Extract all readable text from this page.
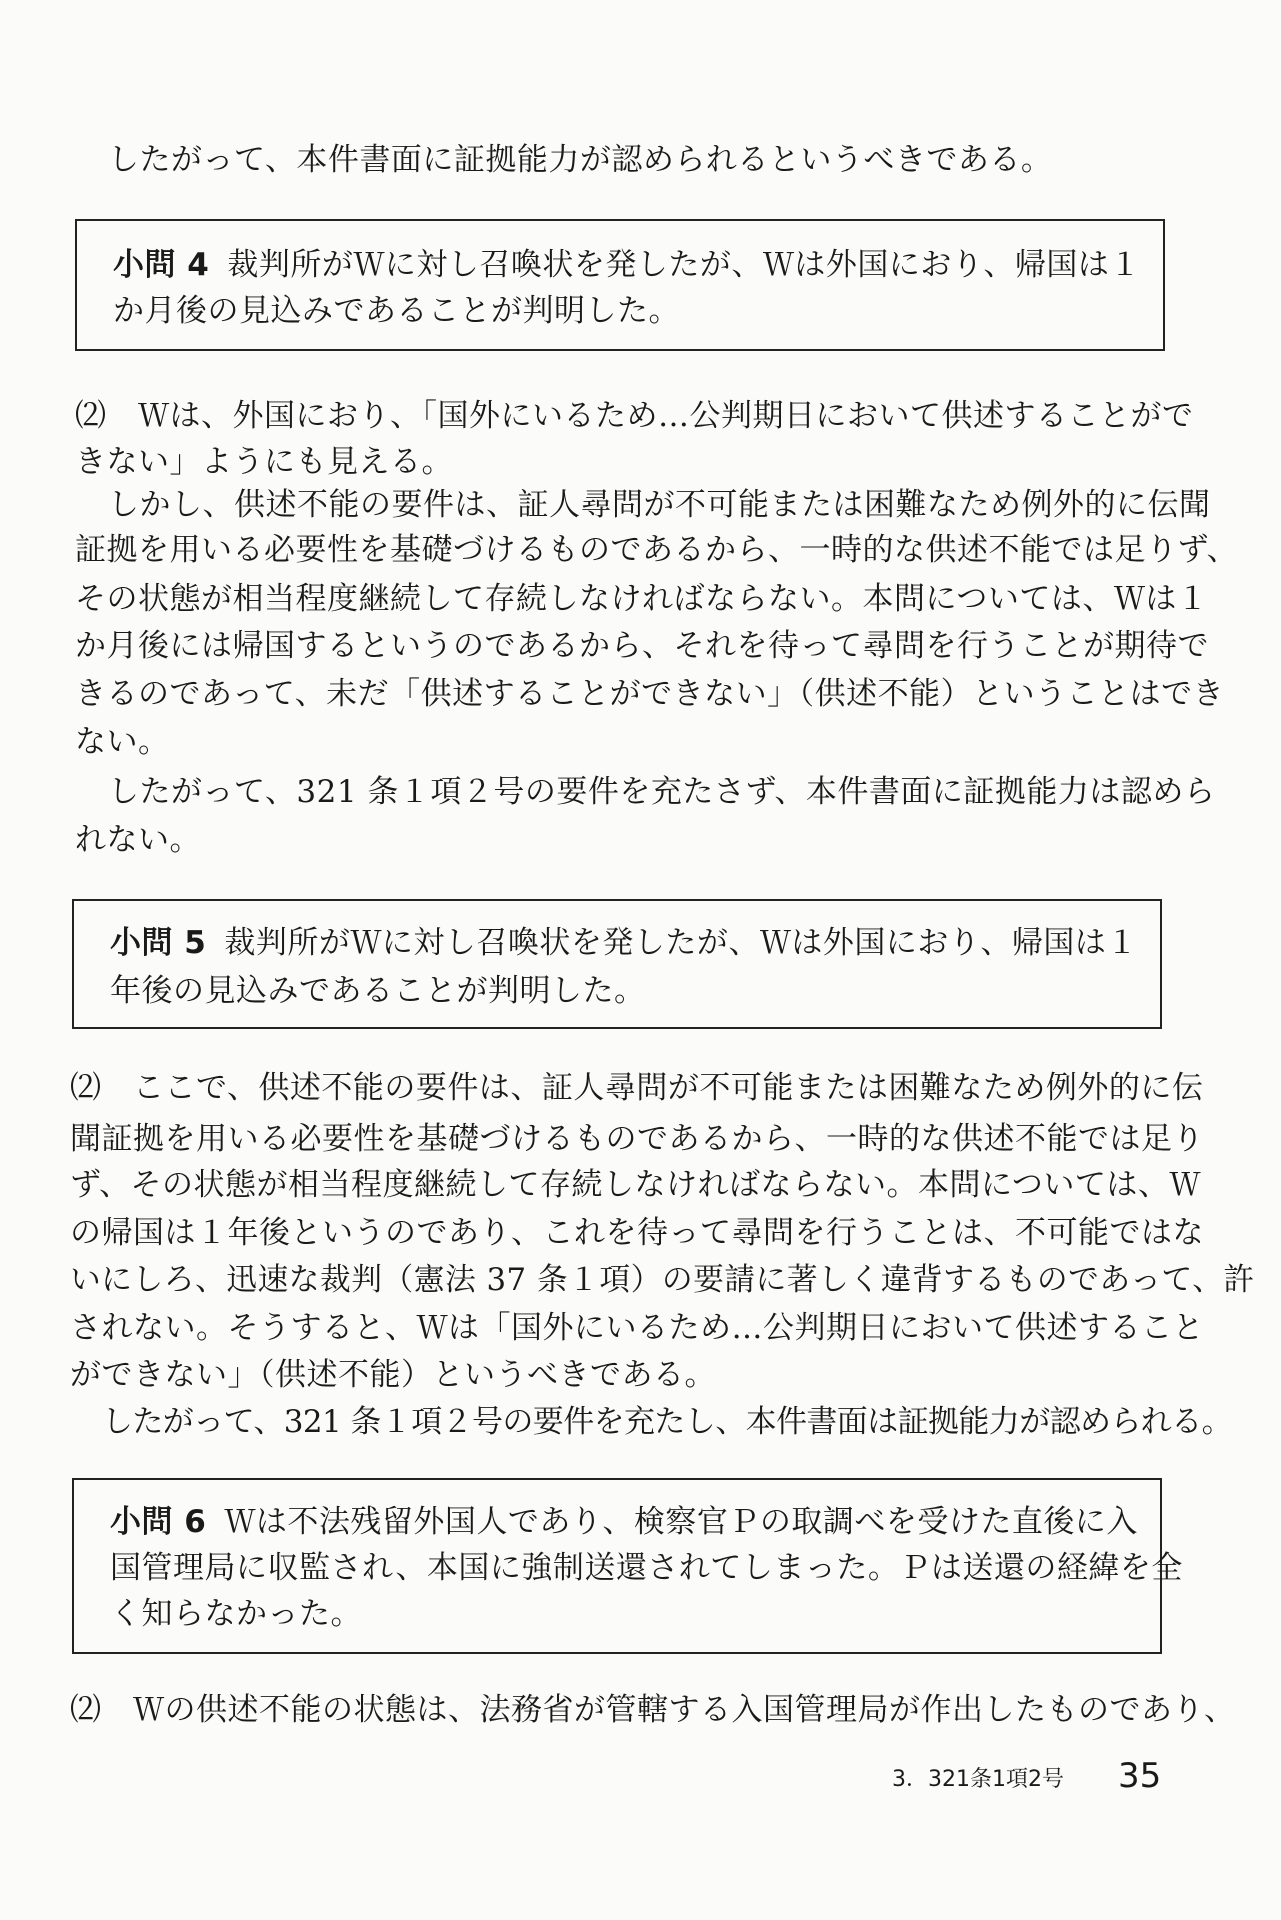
したがって、本件書面に証拠能力が認められるというべきである。
小問 4 裁判所がＷに対し召喚状を発したが、Ｗは外国におり、帰国は１
か月後の見込みであることが判明した。
⑵　Ｗは、外国におり、「国外にいるため…公判期日において供述することがで
きない」ようにも見える。
しかし、供述不能の要件は、証人尋問が不可能または困難なため例外的に伝聞
証拠を用いる必要性を基礎づけるものであるから、一時的な供述不能では足りず、
その状態が相当程度継続して存続しなければならない。本問については、Ｗは１
か月後には帰国するというのであるから、それを待って尋問を行うことが期待で
きるのであって、未だ「供述することができない」（供述不能）ということはでき
ない。
したがって、321 条１項２号の要件を充たさず、本件書面に証拠能力は認めら
れない。
小問 5 裁判所がＷに対し召喚状を発したが、Ｗは外国におり、帰国は１
年後の見込みであることが判明した。
⑵　ここで、供述不能の要件は、証人尋問が不可能または困難なため例外的に伝
聞証拠を用いる必要性を基礎づけるものであるから、一時的な供述不能では足り
ず、その状態が相当程度継続して存続しなければならない。本問については、Ｗ
の帰国は１年後というのであり、これを待って尋問を行うことは、不可能ではな
いにしろ、迅速な裁判（憲法 37 条１項）の要請に著しく違背するものであって、許
されない。そうすると、Ｗは「国外にいるため…公判期日において供述すること
ができない」（供述不能）というべきである。
したがって、321 条１項２号の要件を充たし、本件書面は証拠能力が認められる。
小問 6 Ｗは不法残留外国人であり、検察官Ｐの取調べを受けた直後に入
国管理局に収監され、本国に強制送還されてしまった。Ｐは送還の経緯を全
く知らなかった。
⑵　Ｗの供述不能の状態は、法務省が管轄する入国管理局が作出したものであり、
3．321条1項2号 35
